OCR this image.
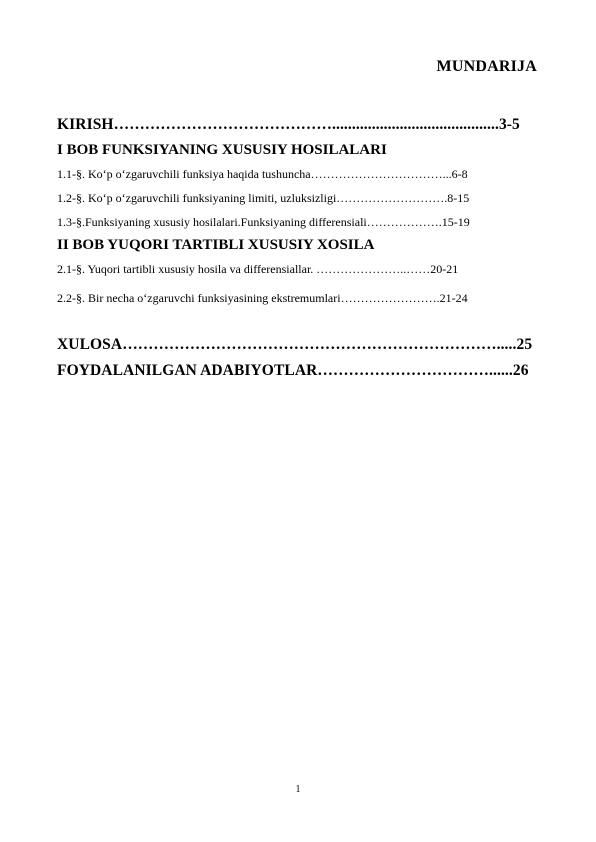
MUNDARIJA
KIRISH……………………………………..........................................3-5
I BOB FUNKSIYANING XUSUSIY HOSILALARI
1.1-§. Ko‘p o‘zgaruvchili funksiya haqida tushuncha……………………………...6-8
1.2-§. Ko‘p o‘zgaruvchili funksiyaning limiti, uzluksizligi……………………….8-15
1.3-§.Funksiyaning xususiy hosilalari.Funksiyaning differensiali……………….15-19
II BOB YUQORI TARTIBLI XUSUSIY XOSILA
2.1-§. Yuqori tartibli xususiy hosila va differensiallar. …………………..……20-21
2.2-§. Bir necha o‘zgaruvchi funksiyasining ekstremumlari…………………….21-24
XULOSA……………………………………………………………….....25
FOYDALANILGAN ADABIYOTLAR……………………………......26
1
